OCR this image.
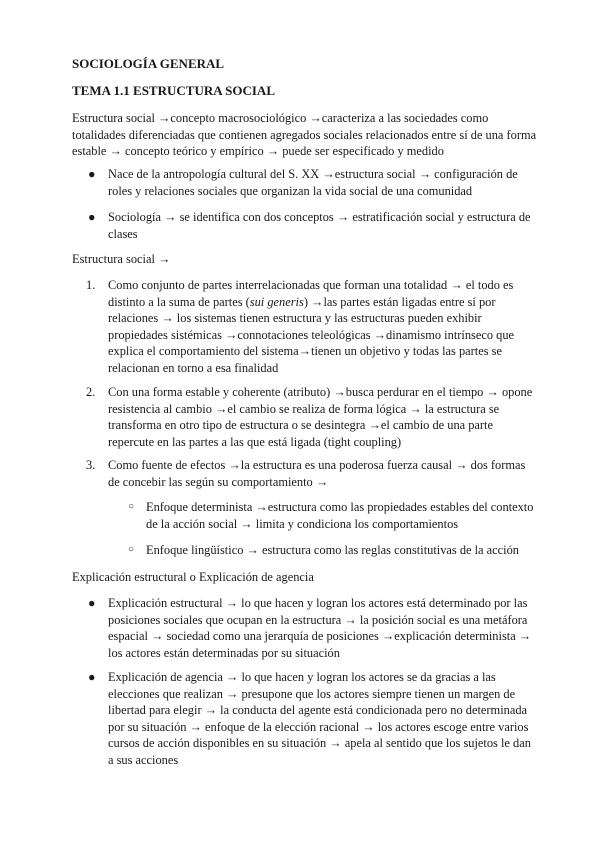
SOCIOLOGÍA GENERAL
TEMA 1.1 ESTRUCTURA SOCIAL
Estructura social →concepto macrosociológico →caracteriza a las sociedades como totalidades diferenciadas que contienen agregados sociales relacionados entre sí de una forma estable → concepto teórico y empírico → puede ser especificado y medido
●	Nace de la antropología cultural del S. XX →estructura social → configuración de roles y relaciones sociales que organizan la vida social de una comunidad
●	Sociología → se identifica con dos conceptos → estratificación social y estructura de clases
Estructura social →
1. Como conjunto de partes interrelacionadas que forman una totalidad → el todo es distinto a la suma de partes (sui generis) →las partes están ligadas entre sí por relaciones → los sistemas tienen estructura y las estructuras pueden exhibir propiedades sistémicas →connotaciones teleológicas →dinamismo intrínseco que explica el comportamiento del sistema→tienen un objetivo y todas las partes se relacionan en torno a esa finalidad
2. Con una forma estable y coherente (atributo) →busca perdurar en el tiempo → opone resistencia al cambio →el cambio se realiza de forma lógica → la estructura se transforma en otro tipo de estructura o se desintegra →el cambio de una parte repercute en las partes a las que está ligada (tight coupling)
3. Como fuente de efectos →la estructura es una poderosa fuerza causal → dos formas de concebir las según su comportamiento →
○ Enfoque determinista →estructura como las propiedades estables del contexto de la acción social → limita y condiciona los comportamientos
○ Enfoque lingüístico → estructura como las reglas constitutivas de la acción
Explicación estructural o Explicación de agencia
●	Explicación estructural → lo que hacen y logran los actores está determinado por las posiciones sociales que ocupan en la estructura → la posición social es una metáfora espacial → sociedad como una jerarquía de posiciones →explicación determinista → los actores están determinadas por su situación
●	Explicación de agencia → lo que hacen y logran los actores se da gracias a las elecciones que realizan → presupone que los actores siempre tienen un margen de libertad para elegir → la conducta del agente está condicionada pero no determinada por su situación → enfoque de la elección racional → los actores escoge entre varios cursos de acción disponibles en su situación → apela al sentido que los sujetos le dan a sus acciones
